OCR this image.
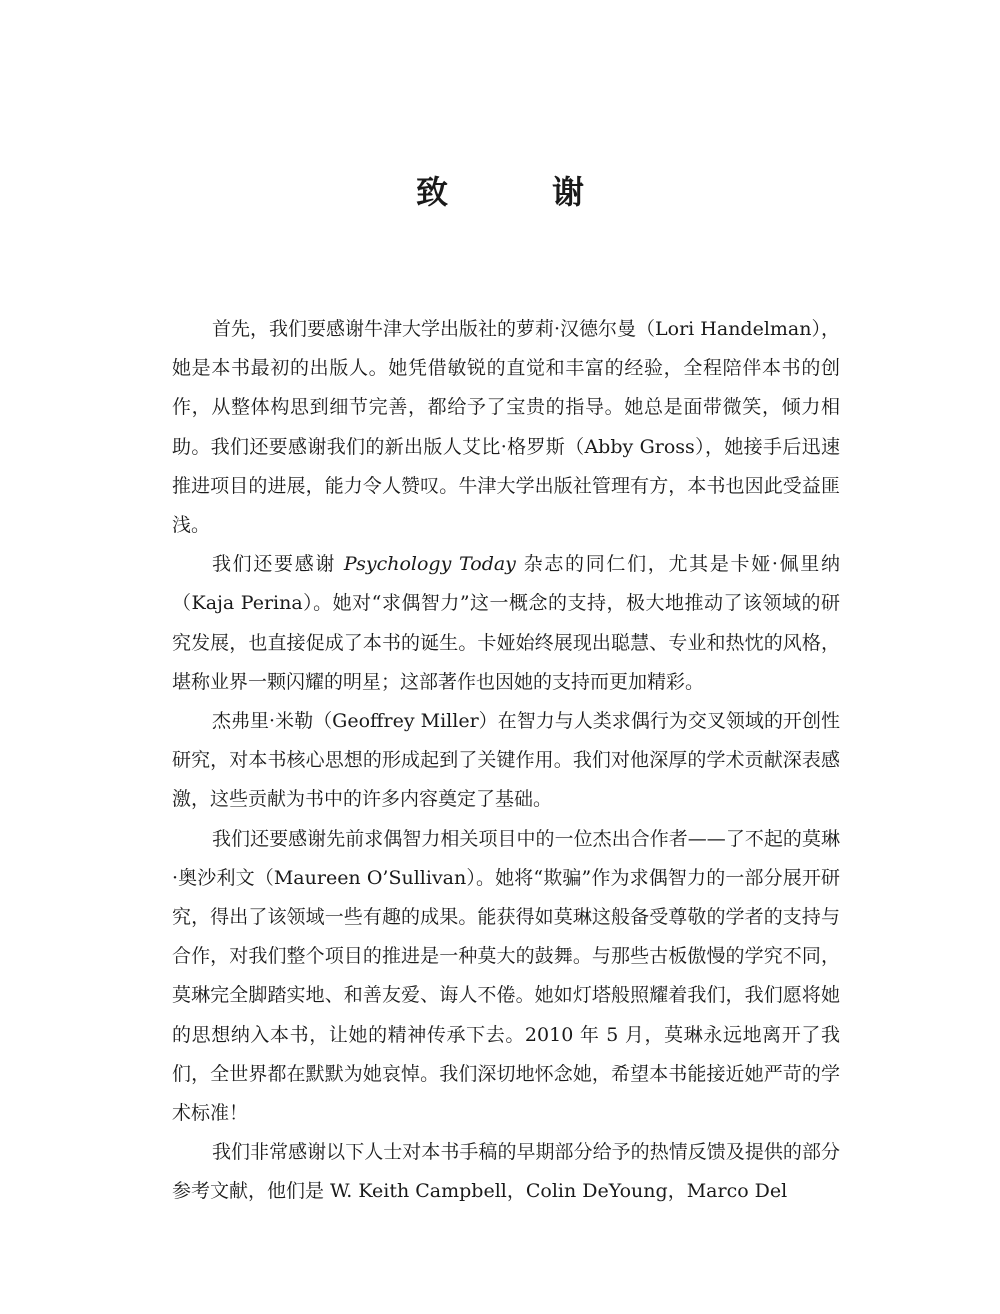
致　谢

首先，我们要感谢牛津大学出版社的萝莉·汉德尔曼（Lori Handelman），她是本书最初的出版人。她凭借敏锐的直觉和丰富的经验，全程陪伴本书的创作，从整体构思到细节完善，都给予了宝贵的指导。她总是面带微笑，倾力相助。我们还要感谢我们的新出版人艾比·格罗斯（Abby Gross），她接手后迅速推进项目的进展，能力令人赞叹。牛津大学出版社管理有方，本书也因此受益匪浅。

我们还要感谢 Psychology Today 杂志的同仁们，尤其是卡娅·佩里纳（Kaja Perina）。她对“求偶智力”这一概念的支持，极大地推动了该领域的研究发展，也直接促成了本书的诞生。卡娅始终展现出聪慧、专业和热忱的风格，堪称业界一颗闪耀的明星；这部著作也因她的支持而更加精彩。

杰弗里·米勒（Geoffrey Miller）在智力与人类求偶行为交叉领域的开创性研究，对本书核心思想的形成起到了关键作用。我们对他深厚的学术贡献深表感激，这些贡献为书中的许多内容奠定了基础。

我们还要感谢先前求偶智力相关项目中的一位杰出合作者——了不起的莫琳·奥沙利文（Maureen O’Sullivan）。她将“欺骗”作为求偶智力的一部分展开研究，得出了该领域一些有趣的成果。能获得如莫琳这般备受尊敬的学者的支持与合作，对我们整个项目的推进是一种莫大的鼓舞。与那些古板傲慢的学究不同，莫琳完全脚踏实地、和善友爱、诲人不倦。她如灯塔般照耀着我们，我们愿将她的思想纳入本书，让她的精神传承下去。2010 年 5 月，莫琳永远地离开了我们，全世界都在默默为她哀悼。我们深切地怀念她，希望本书能接近她严苛的学术标准！

我们非常感谢以下人士对本书手稿的早期部分给予的热情反馈及提供的部分参考文献，他们是 W. Keith Campbell，Colin DeYoung，Marco Del
